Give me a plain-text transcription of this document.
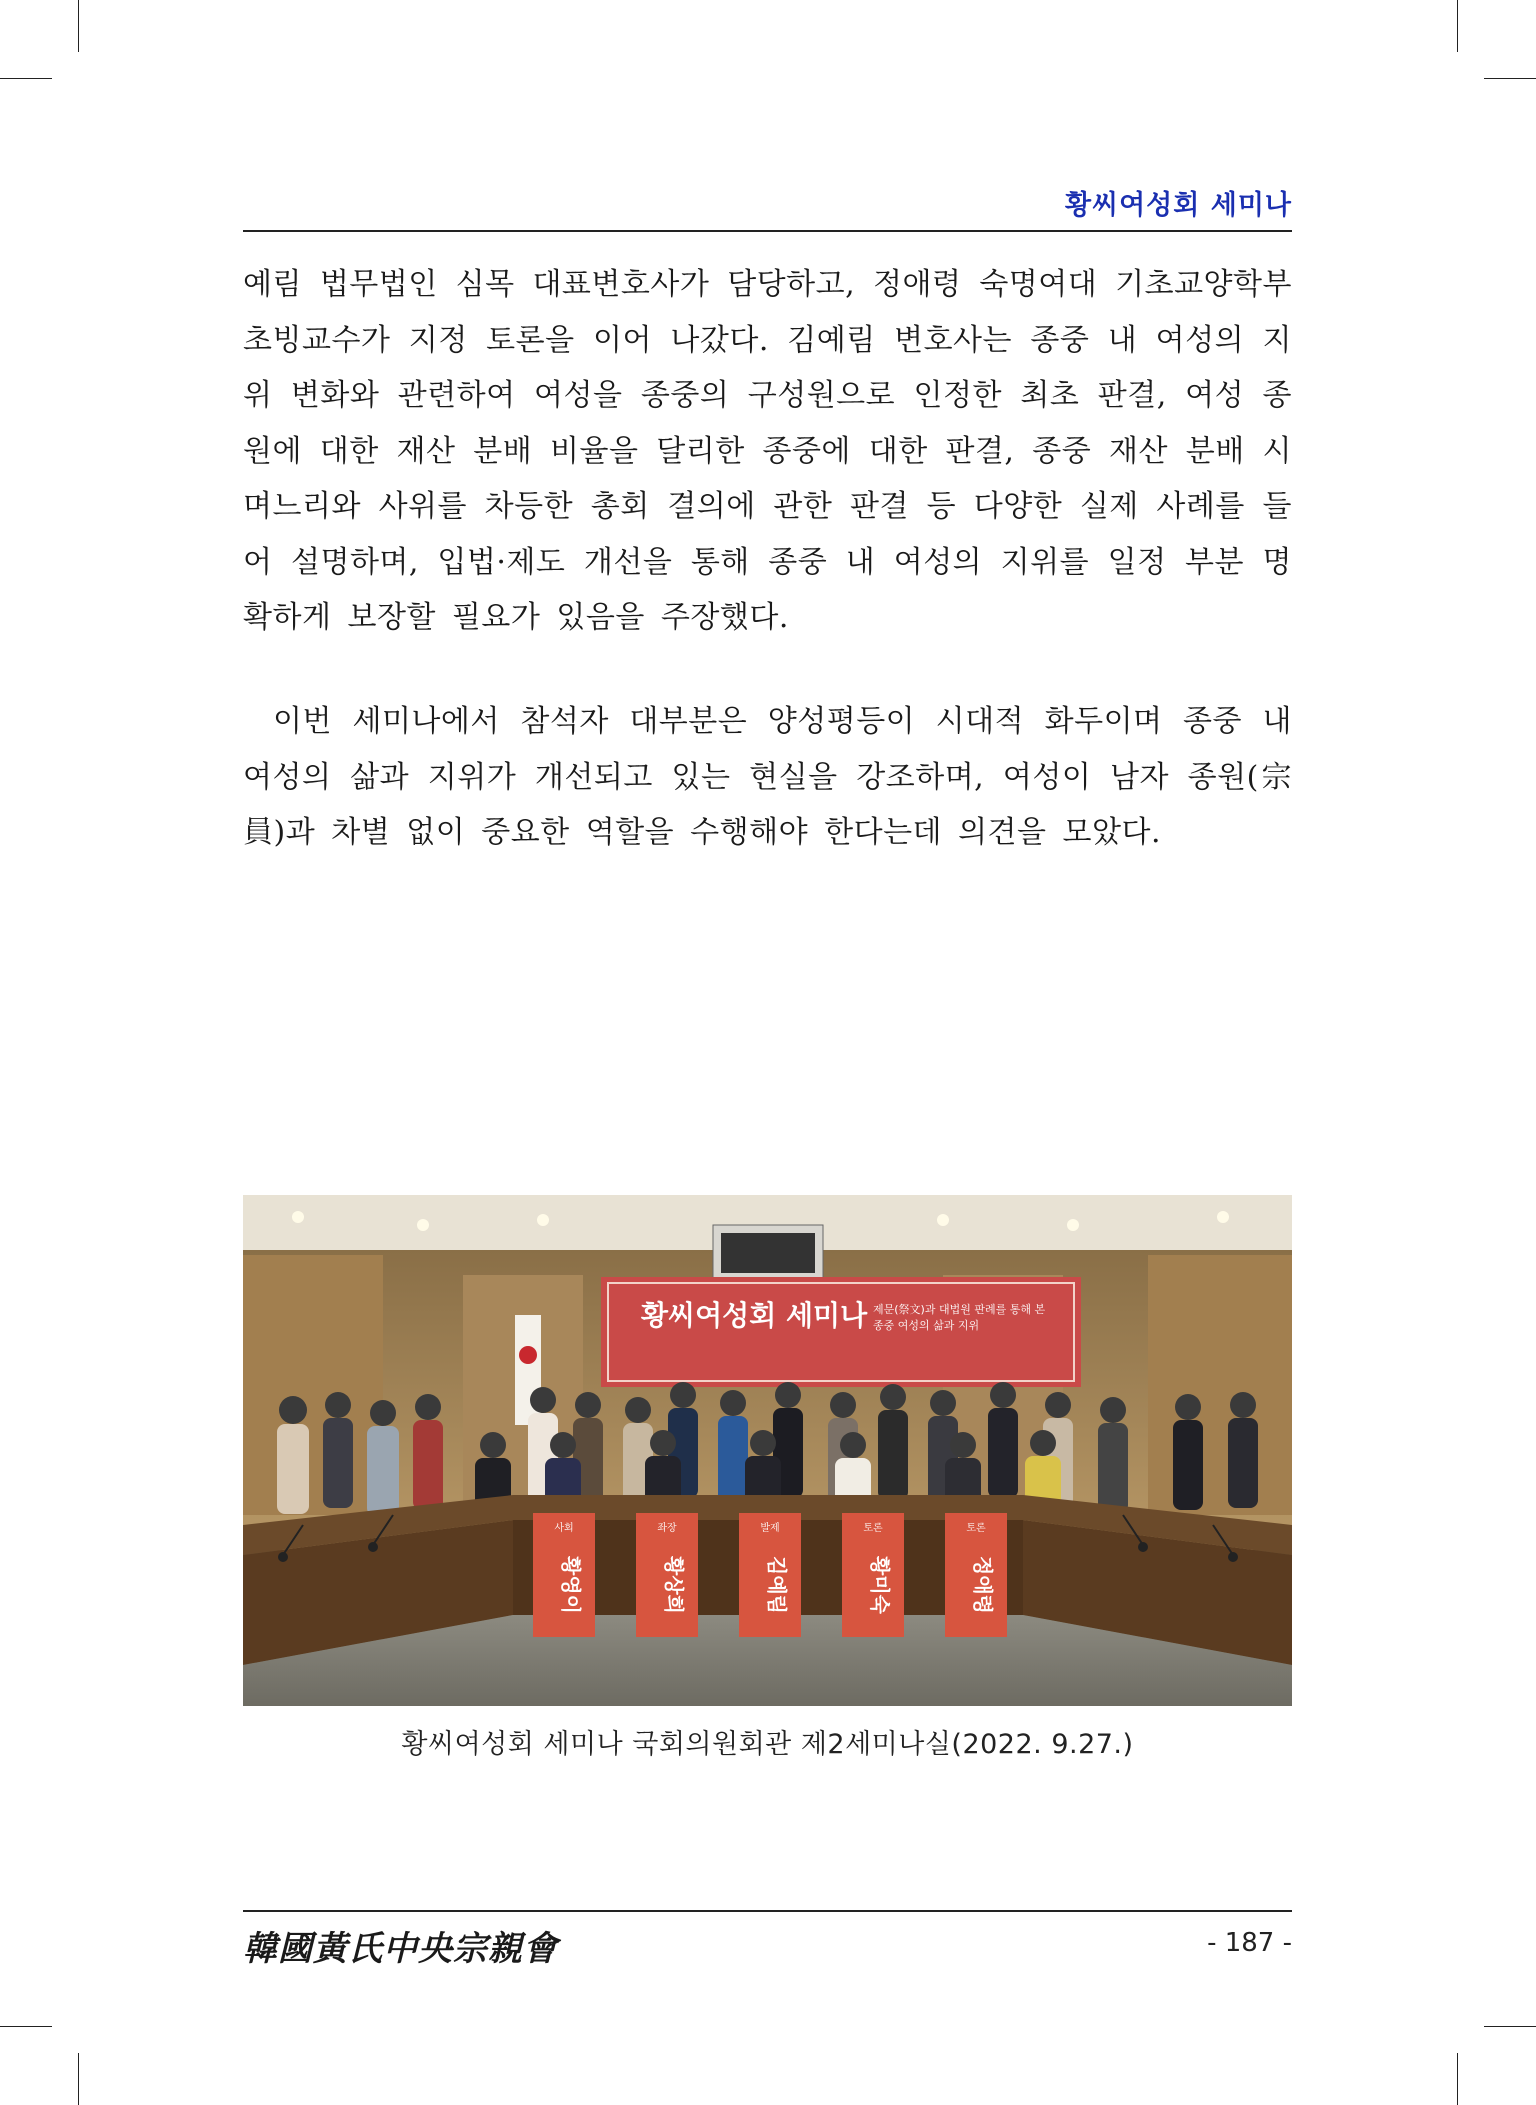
황씨여성회 세미나
예림 법무법인 심목 대표변호사가 담당하고, 정애령 숙명여대 기초교양학부 초빙교수가 지정 토론을 이어 나갔다. 김예림 변호사는 종중 내 여성의 지위 변화와 관련하여 여성을 종중의 구성원으로 인정한 최초 판결, 여성 종원에 대한 재산 분배 비율을 달리한 종중에 대한 판결, 종중 재산 분배 시 며느리와 사위를 차등한 총회 결의에 관한 판결 등 다양한 실제 사례를 들어 설명하며, 입법·제도 개선을 통해 종중 내 여성의 지위를 일정 부분 명확하게 보장할 필요가 있음을 주장했다.
이번 세미나에서 참석자 대부분은 양성평등이 시대적 화두이며 종중 내 여성의 삶과 지위가 개선되고 있는 현실을 강조하며, 여성이 남자 종원(宗員)과 차별 없이 중요한 역할을 수행해야 한다는데 의견을 모았다.
황씨여성회 세미나 제문(祭文)과 대법원 판례를 통해 본
종중 여성의 삶과 지위
사회	좌장	발제	토론	토론
황영이	황상희	김예림	황미숙	정애령
황씨여성회 세미나 국회의원회관 제2세미나실(2022. 9.27.)
韓國黃氏中央宗親會	- 187 -
